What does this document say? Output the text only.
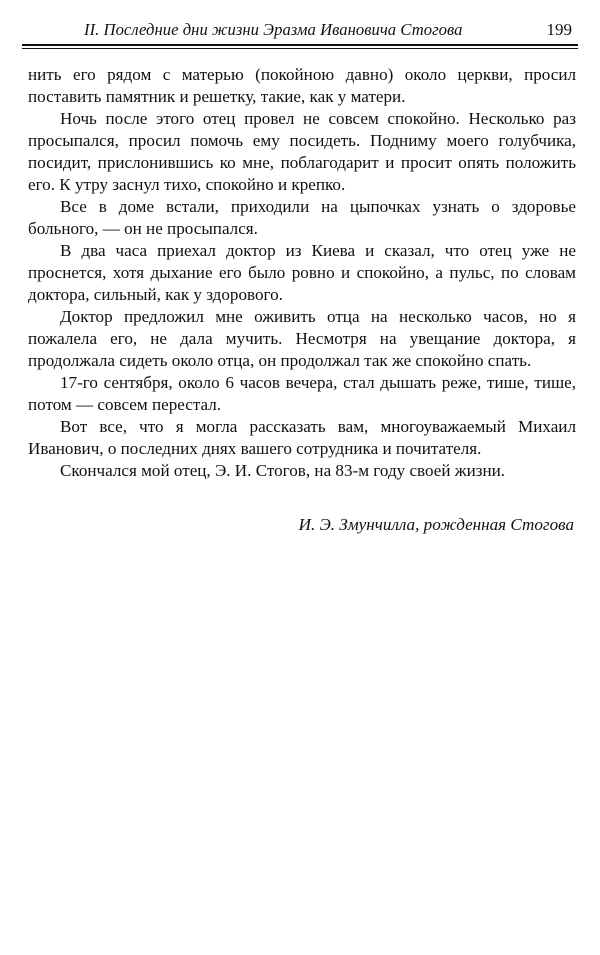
II. Последние дни жизни Эразма Ивановича Стогова	199

нить его рядом с матерью (покойною давно) около церкви, просил поставить памятник и решетку, такие, как у матери.

Ночь после этого отец провел не совсем спокойно. Несколько раз просыпался, просил помочь ему посидеть. Подниму моего голубчика, посидит, прислонившись ко мне, поблагодарит и просит опять положить его. К утру заснул тихо, спокойно и крепко.

Все в доме встали, приходили на цыпочках узнать о здоровье больного, — он не просыпался.

В два часа приехал доктор из Киева и сказал, что отец уже не проснется, хотя дыхание его было ровно и спокойно, а пульс, по словам доктора, сильный, как у здорового.

Доктор предложил мне оживить отца на несколько часов, но я пожалела его, не дала мучить. Несмотря на увещание доктора, я продолжала сидеть около отца, он продолжал так же спокойно спать.

17-го сентября, около 6 часов вечера, стал дышать реже, тише, тише, потом — совсем перестал.

Вот все, что я могла рассказать вам, многоуважаемый Михаил Иванович, о последних днях вашего сотрудника и почитателя.

Скончался мой отец, Э. И. Стогов, на 83-м году своей жизни.

И. Э. Змунчилла, рожденная Стогова
